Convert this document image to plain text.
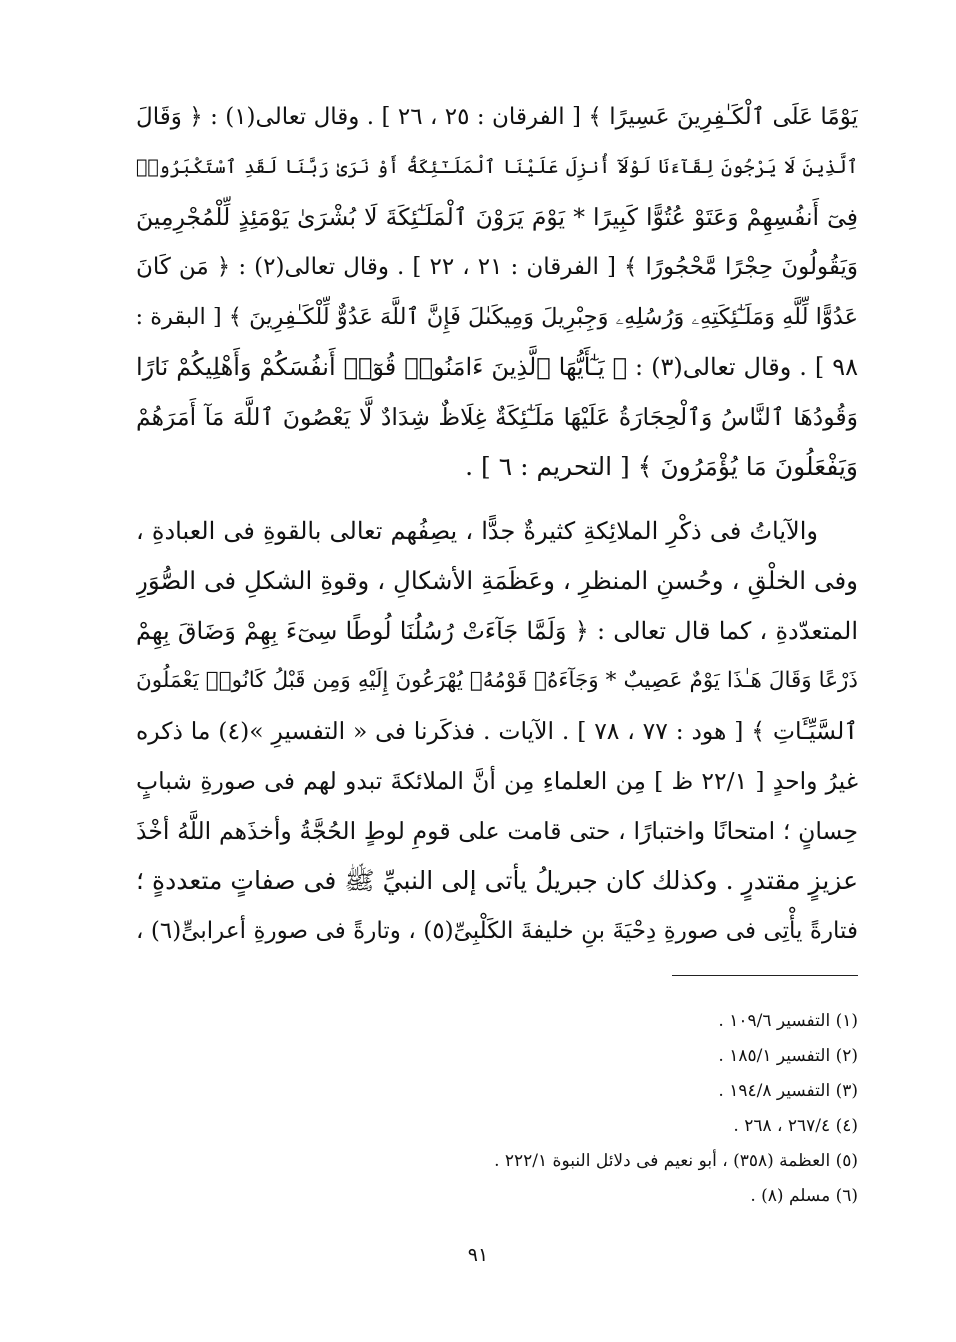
يَوْمًا عَلَى ٱلْكَـٰفِرِينَ عَسِيرًا ﴾ [ الفرقان : ٢٥ ، ٢٦ ] . وقال تعالى(١) : ﴿ وَقَالَ
ٱلَّذِينَ لَا يَرْجُونَ لِقَآءَنَا لَوْلَآ أُنزِلَ عَلَيْنَا ٱلْمَلَـٰٓئِكَةُ أَوْ نَرَىٰ رَبَّنَا لَقَدِ ٱسْتَكْبَرُوا۟
فِىٓ أَنفُسِهِمْ وَعَتَوْ عُتُوًّا كَبِيرًا * يَوْمَ يَرَوْنَ ٱلْمَلَـٰٓئِكَةَ لَا بُشْرَىٰ يَوْمَئِذٍ لِّلْمُجْرِمِينَ
وَيَقُولُونَ حِجْرًا مَّحْجُورًا ﴾ [ الفرقان : ٢١ ، ٢٢ ] . وقال تعالى(٢) : ﴿ مَن كَانَ
عَدُوًّا لِّلَّهِ وَمَلَـٰٓئِكَتِهِۦ وَرُسُلِهِۦ وَجِبْرِيلَ وَمِيكَىٰلَ فَإِنَّ ٱللَّهَ عَدُوٌّ لِّلْكَـٰفِرِينَ ﴾ [ البقرة :
٩٨ ] . وقال تعالى(٣) : ﴿ يَـٰٓأَيُّهَا ٱلَّذِينَ ءَامَنُوا۟ قُوٓا۟ أَنفُسَكُمْ وَأَهْلِيكُمْ نَارًا
وَقُودُهَا ٱلنَّاسُ وَٱلْحِجَارَةُ عَلَيْهَا مَلَـٰٓئِكَةٌ غِلَاظٌ شِدَادٌ لَّا يَعْصُونَ ٱللَّهَ مَآ أَمَرَهُمْ
وَيَفْعَلُونَ مَا يُؤْمَرُونَ ﴾ [ التحريم : ٦ ] .
والآياتُ فى ذكْرِ الملائِكةِ كثيرةٌ جدًّا ، يصِفُهم تعالى بالقوةِ فى العبادةِ ،
وفى الخلْقِ ، وحُسنِ المنظرِ ، وعَظَمَةِ الأشكالِ ، وقوةِ الشكلِ فى الصُّوَرِ
المتعدّدةِ ، كما قال تعالى : ﴿ وَلَمَّا جَآءَتْ رُسُلُنَا لُوطًا سِىٓءَ بِهِمْ وَضَاقَ بِهِمْ
ذَرْعًا وَقَالَ هَـٰذَا يَوْمٌ عَصِيبٌ * وَجَآءَهُۥ قَوْمُهُۥ يُهْرَعُونَ إِلَيْهِ وَمِن قَبْلُ كَانُوا۟ يَعْمَلُونَ
ٱلسَّيِّـَٔاتِ ﴾ [ هود : ٧٧ ، ٧٨ ] . الآيات . فذكَرنا فى « التفسيرِ »(٤) ما ذكره
غيرُ واحدٍ [ ٢٢/١ ظ ] مِن العلماءِ مِن أنَّ الملائكةَ تبدو لهم فى صورةِ شبابٍ
حِسانٍ ؛ امتحانًا واختبارًا ، حتى قامت على قومِ لوطٍ الحُجَّةُ وأخذَهم اللَّهُ أخْذَ
عزيزٍ مقتدرٍ . وكذلك كان جبريلُ يأتى إلى النبيِّ ﷺ فى صفاتٍ متعددةٍ ؛
فتارةً يأْتِى فى صورةِ دِحْيَةَ بنِ خليفةَ الكَلْبِىِّ(٥) ، وتارةً فى صورةِ أعرابىٍّ(٦) ،
(١) التفسير ١٠٩/٦ .
(٢) التفسير ١٨٥/١ .
(٣) التفسير ١٩٤/٨ .
(٤) ٢٦٧/٤ ، ٢٦٨ .
(٥) العظمة (٣٥٨) ، أبو نعيم فى دلائل النبوة ٢٢٢/١ .
(٦) مسلم (٨) .
٩١
